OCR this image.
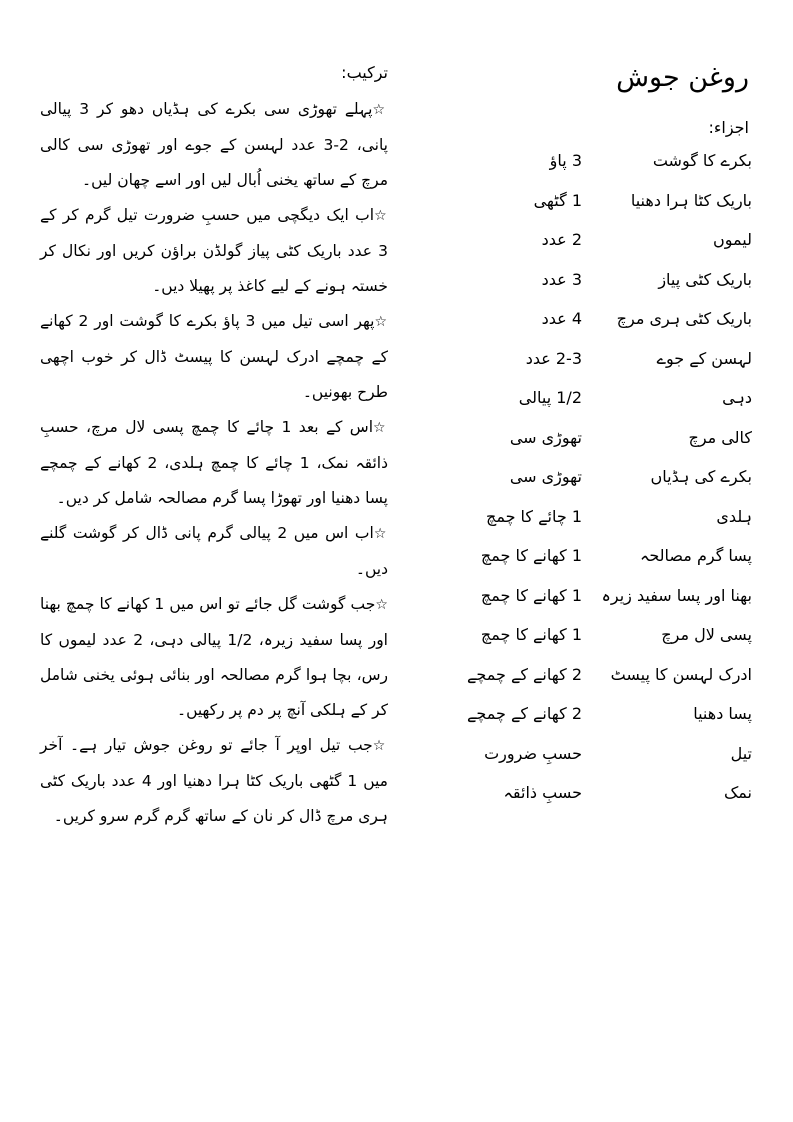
روغن جوش
اجزاء:
بکرے کا گوشت
3 پاؤ
باریک کٹا ہرا دھنیا
1 گٹھی
لیموں
2 عدد
باریک کٹی پیاز
3 عدد
باریک کٹی ہری مرچ
4 عدد
لہسن کے جوے
2-3 عدد
دہی
1/2 پیالی
کالی مرچ
تھوڑی سی
بکرے کی ہڈیاں
تھوڑی سی
ہلدی
1 چائے کا چمچ
پسا گرم مصالحہ
1 کھانے کا چمچ
بھنا اور پسا سفید زیرہ
1 کھانے کا چمچ
پسی لال مرچ
1 کھانے کا چمچ
ادرک لہسن کا پیسٹ
2 کھانے کے چمچے
پسا دھنیا
2 کھانے کے چمچے
تیل
حسبِ ضرورت
نمک
حسبِ ذائقہ
ترکیب:

☆پہلے تھوڑی سی بکرے کی ہڈیاں دھو کر 3 پیالی پانی، 2-3 عدد لہسن کے جوے اور تھوڑی سی کالی مرچ کے ساتھ یخنی اُبال لیں اور اسے چھان لیں۔

☆اب ایک دیگچی میں حسبِ ضرورت تیل گرم کر کے 3 عدد باریک کٹی پیاز گولڈن براؤن کریں اور نکال کر خستہ ہونے کے لیے کاغذ پر پھیلا دیں۔

☆پھر اسی تیل میں 3 پاؤ بکرے کا گوشت اور 2 کھانے کے چمچے ادرک لہسن کا پیسٹ ڈال کر خوب اچھی طرح بھونیں۔

☆اس کے بعد 1 چائے کا چمچ پسی لال مرچ، حسبِ ذائقہ نمک، 1 چائے کا چمچ ہلدی، 2 کھانے کے چمچے پسا دھنیا اور تھوڑا پسا گرم مصالحہ شامل کر دیں۔

☆اب اس میں 2 پیالی گرم پانی ڈال کر گوشت گلنے دیں۔

☆جب گوشت گل جائے تو اس میں 1 کھانے کا چمچ بھنا اور پسا سفید زیرہ، 1/2 پیالی دہی، 2 عدد لیموں کا رس، بچا ہوا گرم مصالحہ اور بنائی ہوئی یخنی شامل کر کے ہلکی آنچ پر دم پر رکھیں۔

☆جب تیل اوپر آ جائے تو روغن جوش تیار ہے۔ آخر میں 1 گٹھی باریک کٹا ہرا دھنیا اور 4 عدد باریک کٹی ہری مرچ ڈال کر نان کے ساتھ گرم گرم سرو کریں۔
